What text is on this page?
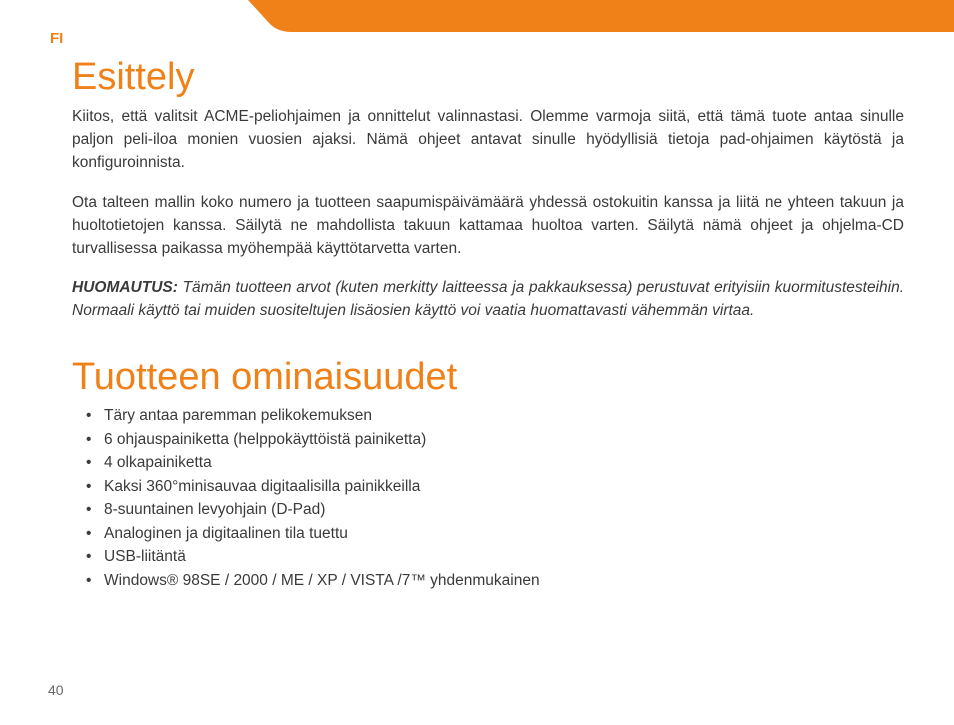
FI
Esittely

Kiitos, että valitsit ACME-peliohjaimen ja onnittelut valinnastasi. Olemme varmoja siitä, että tämä tuote antaa sinulle paljon peli-iloa monien vuosien ajaksi. Nämä ohjeet antavat sinulle hyödyllisiä tietoja pad-ohjaimen käytöstä ja konfiguroinnista.

Ota talteen mallin koko numero ja tuotteen saapumispäivämäärä yhdessä ostokuitin kanssa ja liitä ne yhteen takuun ja huoltotietojen kanssa. Säilytä ne mahdollista takuun kattamaa huoltoa varten. Säilytä nämä ohjeet ja ohjelma-CD turvallisessa paikassa myöhempää käyttötarvetta varten.

HUOMAUTUS: Tämän tuotteen arvot (kuten merkitty laitteessa ja pakkauksessa) perustuvat erityisiin kuormitustesteihin. Normaali käyttö tai muiden suositeltujen lisäosien käyttö voi vaatia huomattavasti vähemmän virtaa.

Tuotteen ominaisuudet
• Täry antaa paremman pelikokemuksen
• 6 ohjauspainiketta (helppokäyttöistä painiketta)
• 4 olkapainiketta
• Kaksi 360°minisauvaa digitaalisilla painikkeilla
• 8-suuntainen levyohjain (D-Pad)
• Analoginen ja digitaalinen tila tuettu
• USB-liitäntä
• Windows® 98SE / 2000 / ME / XP / VISTA /7™ yhdenmukainen
40
